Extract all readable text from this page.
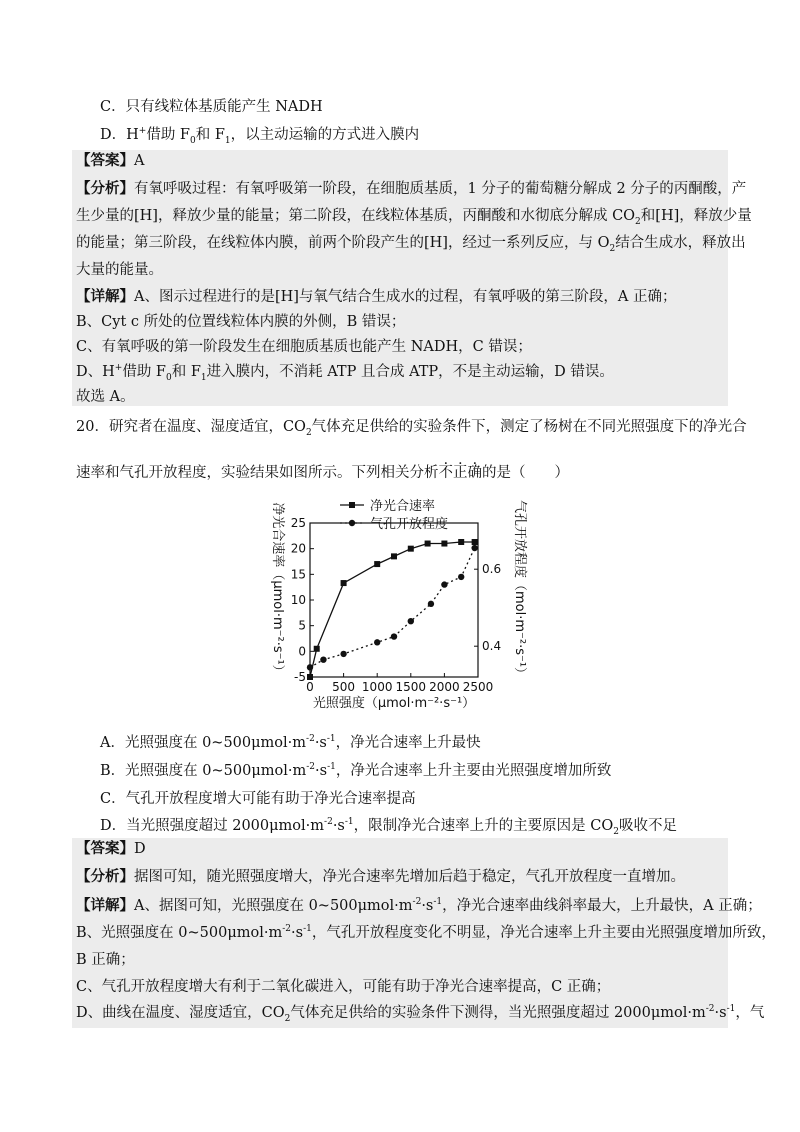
C．只有线粒体基质能产生 NADH
D．H+借助 $F_0$和 $F_1$，以主动运输的方式进入膜内
【答案】A
【分析】有氧呼吸过程：有氧呼吸第一阶段，在细胞质基质，1 分子的葡萄糖分解成 2 分子的丙酮酸，产
生少量的[H]，释放少量的能量；第二阶段，在线粒体基质，丙酮酸和水彻底分解成 $CO_2$和[H]，释放少量
的能量；第三阶段，在线粒体内膜，前两个阶段产生的[H]，经过一系列反应，与 $O_2$结合生成水，释放出
大量的能量。
【详解】A、图示过程进行的是[H]与氧气结合生成水的过程，有氧呼吸的第三阶段，A 正确；
B、Cyt c 所处的位置线粒体内膜的外侧，B 错误；
C、有氧呼吸的第一阶段发生在细胞质基质也能产生 NADH，C 错误；
D、H+借助 $F_0$和 $F_1$进入膜内，不消耗 ATP 且合成 ATP，不是主动运输，D 错误。
故选 A。
20．研究者在温度、湿度适宜，$CO_2$气体充足供给的实验条件下，测定了杨树在不同光照强度下的净光合
速率和气孔开放程度，实验结果如图所示。下列相关分析不正确的是（　　）
0 500 1000 1500 2000 2500
25
20
15
10
5
0
-5
0.6
0.4
光照强度（μmol·m⁻²·s⁻¹）
净光合速率（μmol·m⁻²·s⁻¹）	气孔开放程度（mol·m⁻²·s⁻¹）
净光合速率
气孔开放程度
A．光照强度在 $0\sim 500\mu mol\cdot m^{-2}\cdot s^{-1}$，净光合速率上升最快
B．光照强度在 $0\sim 500\mu mol\cdot m^{-2}\cdot s^{-1}$，净光合速率上升主要由光照强度增加所致
C．气孔开放程度增大可能有助于净光合速率提高
D．当光照强度超过 $2000\mu mol\cdot m^{-2}\cdot s^{-1}$，限制净光合速率上升的主要原因是 $CO_2$吸收不足
【答案】D
【分析】据图可知，随光照强度增大，净光合速率先增加后趋于稳定，气孔开放程度一直增加。
【详解】A、据图可知，光照强度在 $0\sim 500\mu mol\cdot m^{-2}\cdot s^{-1}$，净光合速率曲线斜率最大，上升最快，A 正确；
B、光照强度在 $0\sim 500\mu mol\cdot m^{-2}\cdot s^{-1}$，气孔开放程度变化不明显，净光合速率上升主要由光照强度增加所致，
B 正确；
C、气孔开放程度增大有利于二氧化碳进入，可能有助于净光合速率提高，C 正确；
D、曲线在温度、湿度适宜，$CO_2$气体充足供给的实验条件下测得，当光照强度超过 $2000\mu mol\cdot m^{-2}\cdot s^{-1}$，气
